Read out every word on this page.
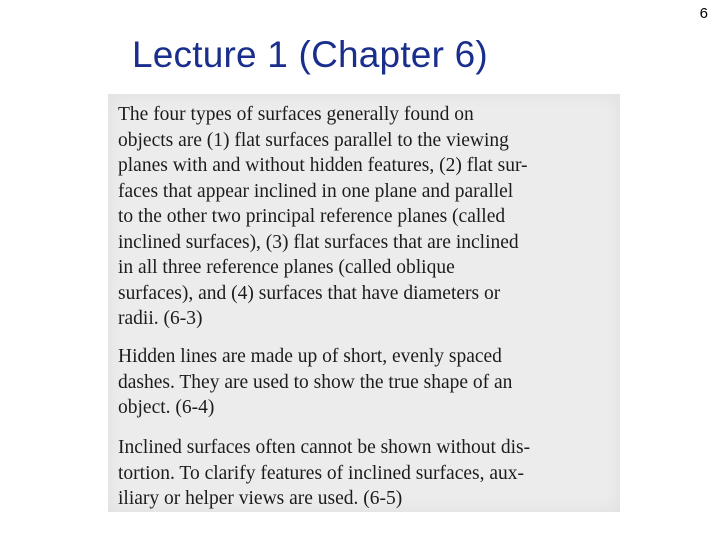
6
Lecture 1 (Chapter 6)

The four types of surfaces generally found on
objects are (1) flat surfaces parallel to the viewing
planes with and without hidden features, (2) flat sur-
faces that appear inclined in one plane and parallel
to the other two principal reference planes (called
inclined surfaces), (3) flat surfaces that are inclined
in all three reference planes (called oblique
surfaces), and (4) surfaces that have diameters or
radii. (6-3)

Hidden lines are made up of short, evenly spaced
dashes. They are used to show the true shape of an
object. (6-4)

Inclined surfaces often cannot be shown without dis-
tortion. To clarify features of inclined surfaces, aux-
iliary or helper views are used. (6-5)
